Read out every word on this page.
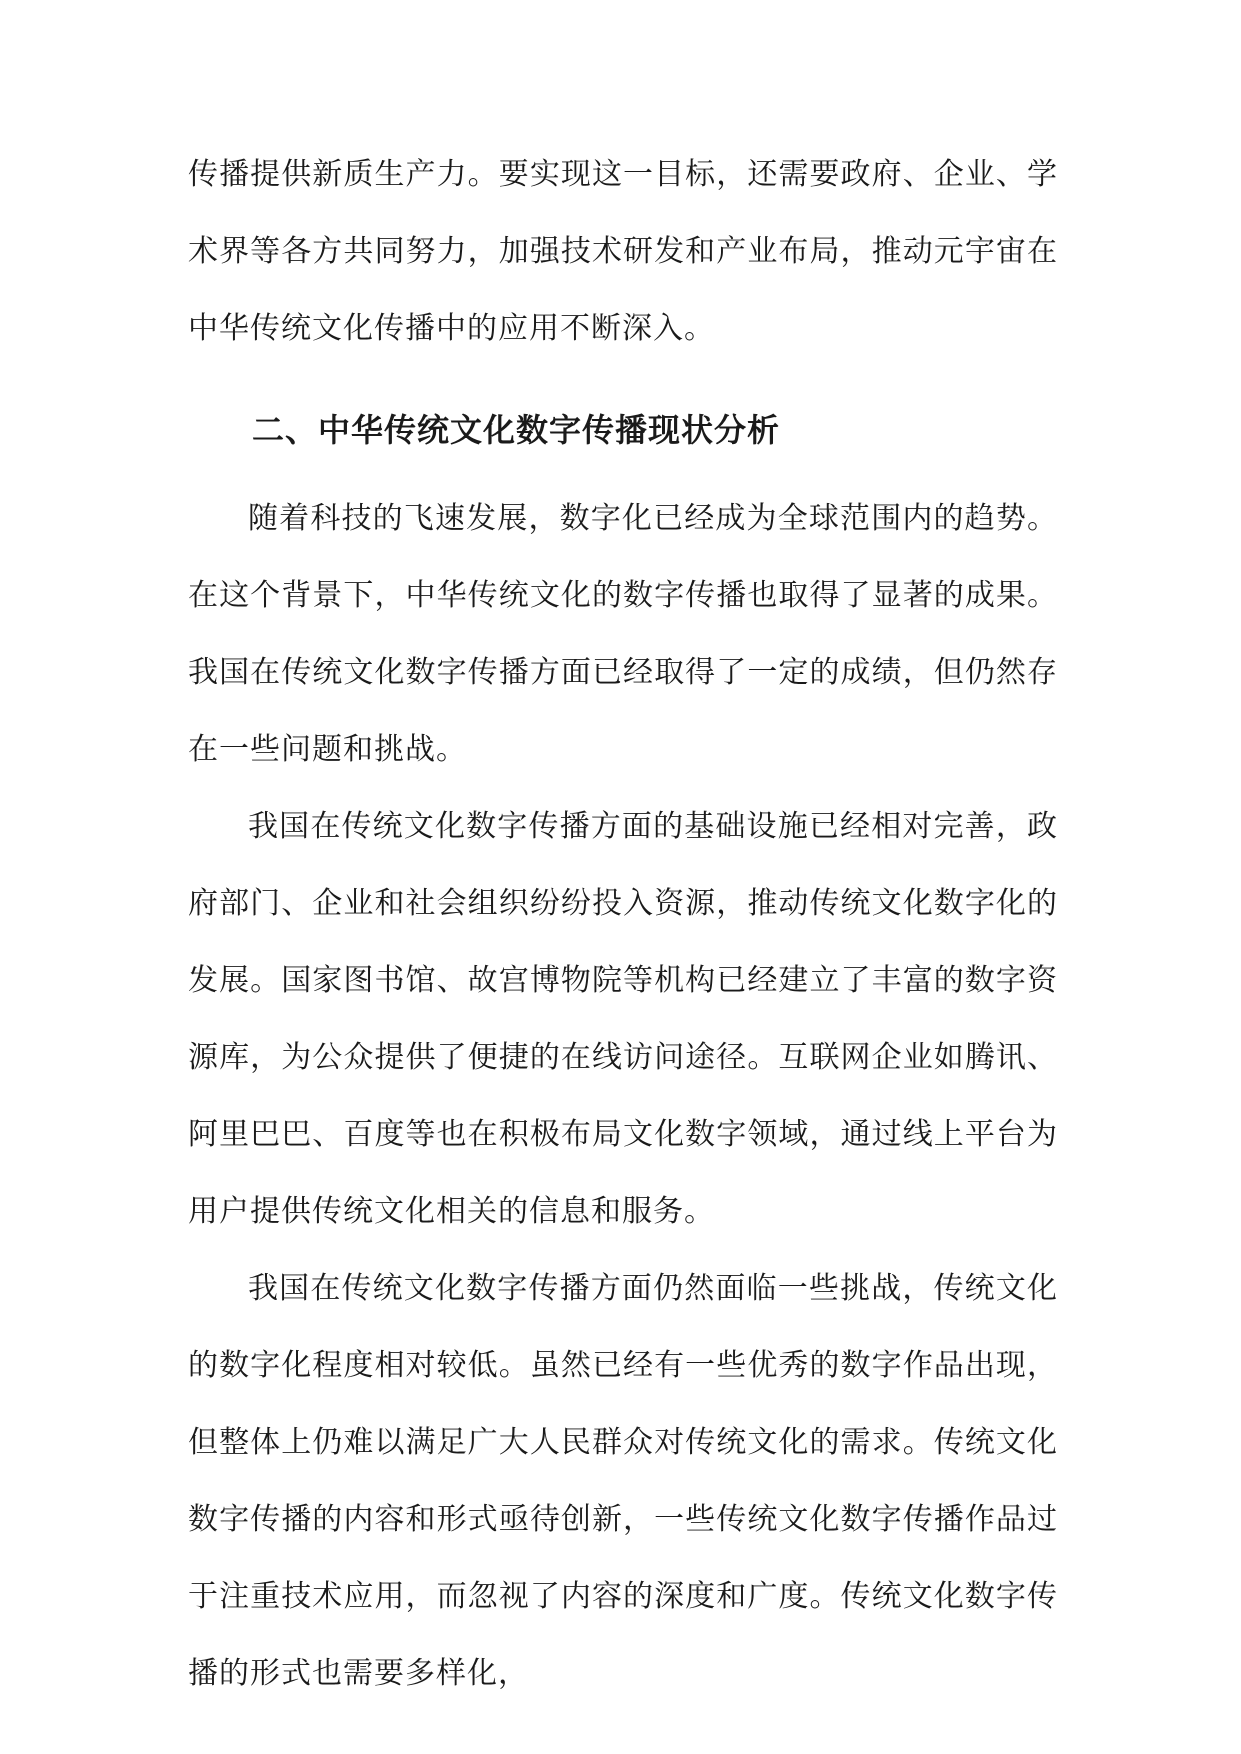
传播提供新质生产力。要实现这一目标，还需要政府、企业、学术界等各方共同努力，加强技术研发和产业布局，推动元宇宙在中华传统文化传播中的应用不断深入。

二、中华传统文化数字传播现状分析

随着科技的飞速发展，数字化已经成为全球范围内的趋势。在这个背景下，中华传统文化的数字传播也取得了显著的成果。我国在传统文化数字传播方面已经取得了一定的成绩，但仍然存在一些问题和挑战。

我国在传统文化数字传播方面的基础设施已经相对完善，政府部门、企业和社会组织纷纷投入资源，推动传统文化数字化的发展。国家图书馆、故宫博物院等机构已经建立了丰富的数字资源库，为公众提供了便捷的在线访问途径。互联网企业如腾讯、阿里巴巴、百度等也在积极布局文化数字领域，通过线上平台为用户提供传统文化相关的信息和服务。

我国在传统文化数字传播方面仍然面临一些挑战，传统文化的数字化程度相对较低。虽然已经有一些优秀的数字作品出现，但整体上仍难以满足广大人民群众对传统文化的需求。传统文化数字传播的内容和形式亟待创新，一些传统文化数字传播作品过于注重技术应用，而忽视了内容的深度和广度。传统文化数字传播的形式也需要多样化，
